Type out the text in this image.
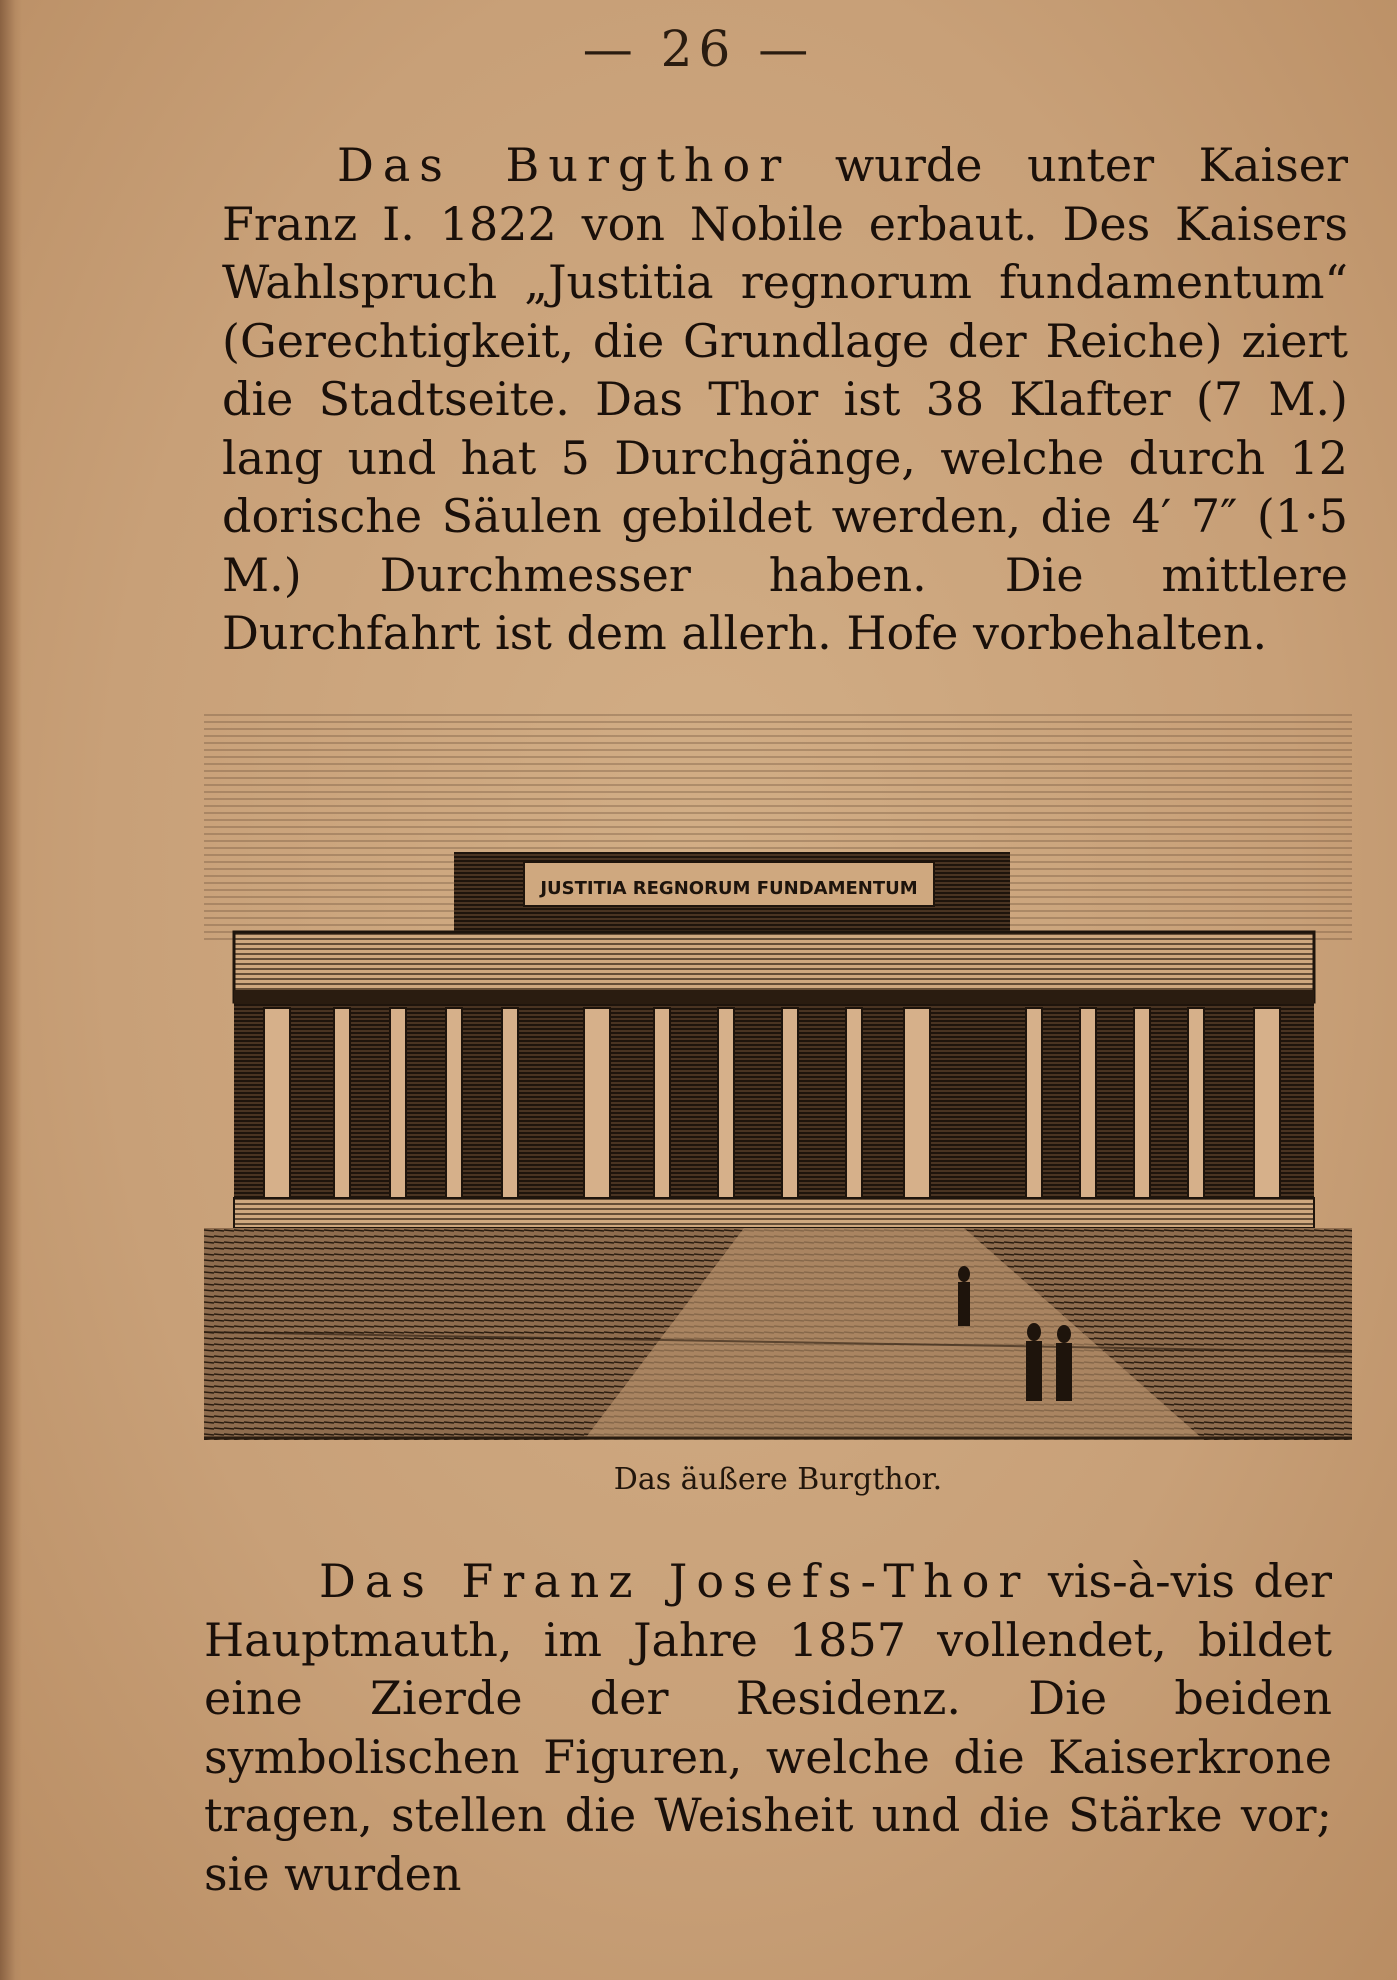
— 26 —
Das Burgthor wurde unter Kaiser Franz I. 1822 von Nobile erbaut. Des Kaisers Wahlspruch „Justitia regnorum fundamentum“ (Gerechtigkeit, die Grundlage der Reiche) ziert die Stadtseite. Das Thor ist 38 Klafter (7 M.) lang und hat 5 Durchgänge, welche durch 12 dorische Säulen gebildet werden, die 4′ 7″ (1·5 M.) Durchmesser haben. Die mittlere Durchfahrt ist dem allerh. Hofe vorbehalten.
JUSTITIA REGNORUM FUNDAMENTUM
Das äußere Burgthor.
Das Franz Josefs-Thor vis-à-vis der Hauptmauth, im Jahre 1857 vollendet, bildet eine Zierde der Residenz. Die beiden symbolischen Figuren, welche die Kaiserkrone tragen, stellen die Weisheit und die Stärke vor; sie wurden
